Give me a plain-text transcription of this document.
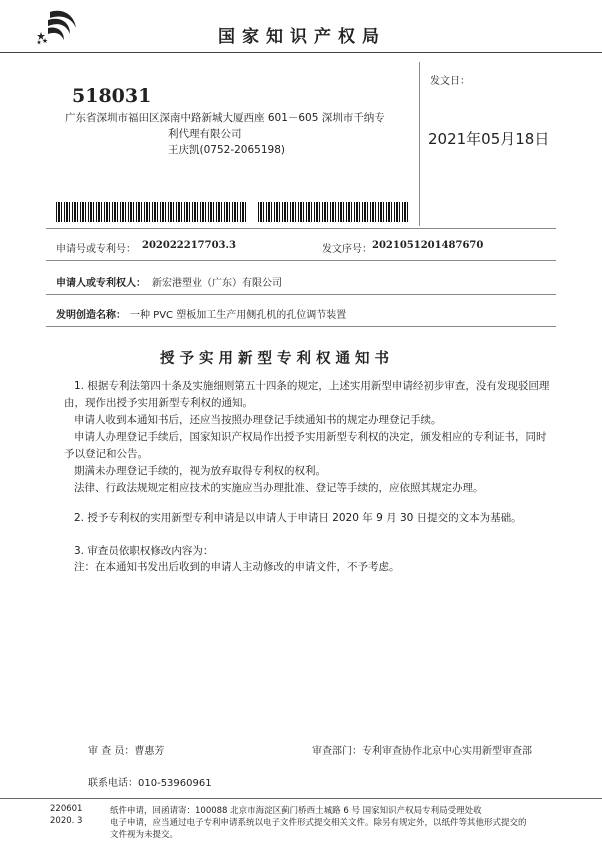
国家知识产权局
518031
广东省深圳市福田区深南中路新城大厦西座 601－605 深圳市千纳专
利代理有限公司
王庆凯(0752-2065198)
发文日：
2021年05月18日
申请号或专利号： 202022217703.3	发文序号： 2021051201487670
申请人或专利权人： 新宏港塑业（广东）有限公司
发明创造名称： 一种 PVC 塑板加工生产用侧孔机的孔位调节装置
授予实用新型专利权通知书

1. 根据专利法第四十条及实施细则第五十四条的规定，上述实用新型申请经初步审查，没有发现驳回理由，现作出授予实用新型专利权的通知。

申请人收到本通知书后，还应当按照办理登记手续通知书的规定办理登记手续。

申请人办理登记手续后，国家知识产权局作出授予实用新型专利权的决定，颁发相应的专利证书，同时予以登记和公告。

期满未办理登记手续的，视为放弃取得专利权的权利。

法律、行政法规规定相应技术的实施应当办理批准、登记等手续的，应依照其规定办理。

2. 授予专利权的实用新型专利申请是以申请人于申请日 2020 年 9 月 30 日提交的文本为基础。
3. 审查员依职权修改内容为：
注：在本通知书发出后收到的申请人主动修改的申请文件，不予考虑。
审 查 员：曹惠芳	审查部门：专利审查协作北京中心实用新型审查部
联系电话：010-53960961
220601
2020. 3
纸件申请，回函请寄：100088 北京市海淀区蓟门桥西土城路 6 号 国家知识产权局专利局受理处收
电子申请，应当通过电子专利申请系统以电子文件形式提交相关文件。除另有规定外，以纸件等其他形式提交的
文件视为未提交。
